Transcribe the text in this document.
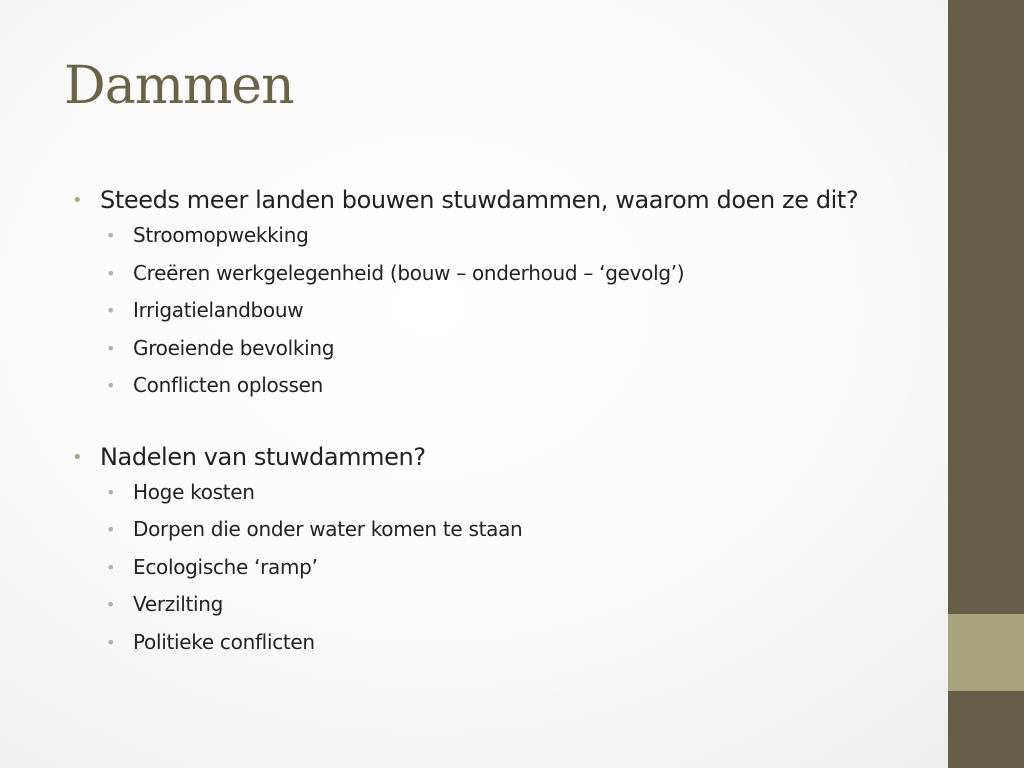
Dammen
• Steeds meer landen bouwen stuwdammen, waarom doen ze dit?
• Stroomopwekking
• Creëren werkgelegenheid (bouw – onderhoud – ‘gevolg’)
• Irrigatielandbouw
• Groeiende bevolking
• Conflicten oplossen
• Nadelen van stuwdammen?
• Hoge kosten
• Dorpen die onder water komen te staan
• Ecologische ‘ramp’
• Verzilting
• Politieke conflicten
